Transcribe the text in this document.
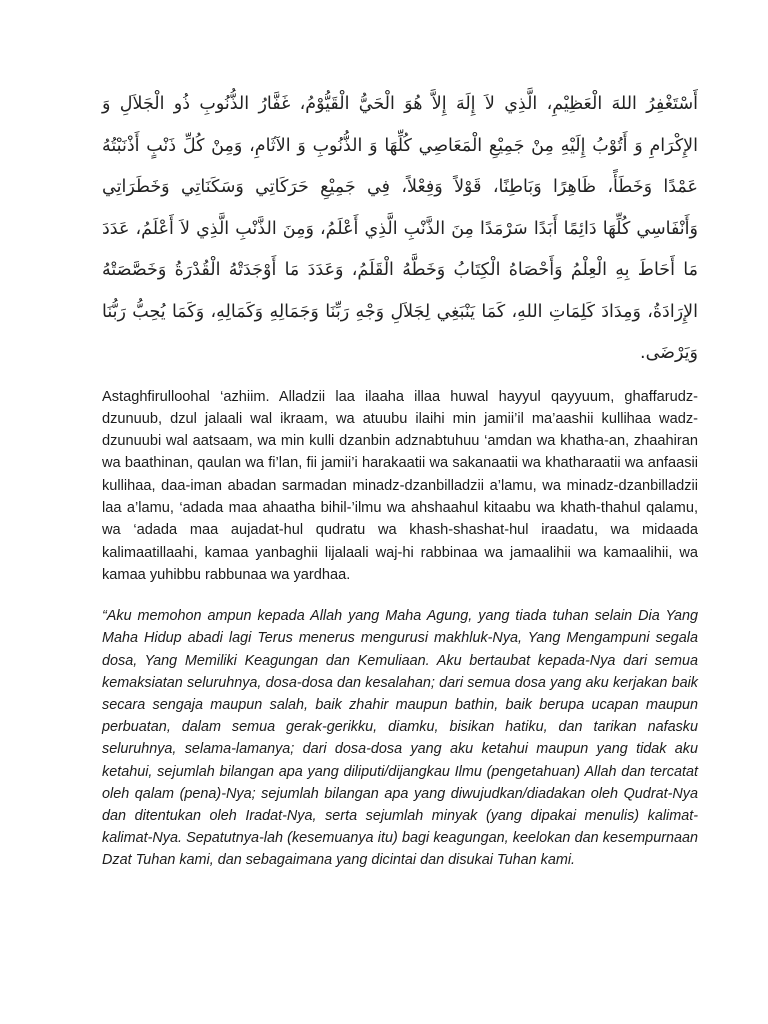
أَسْتَغْفِرُ اللهَ الْعَظِيْمِ، الَّذِي لاَ إِلَهَ إِلاَّ هُوَ الْحَيُّ الْقَيُّوْمُ، غَفَّارُ الذُّنُوبِ ذُو الْجَلاَلِ وَ الإِكْرَامِ وَ أَتُوْبُ إِلَيْهِ مِنْ جَمِيْعِ الْمَعَاصِي كُلِّهَا وَ الذُّنُوبِ وَ الآثَامِ، وَمِنْ كُلِّ ذَنْبٍ أَذْنَبْتُهُ عَمْدًا وَخَطَأً، ظَاهِرًا وَبَاطِنًا، قَوْلاً وَفِعْلاً، فِي جَمِيْعِ حَرَكَاتِي وَسَكَنَاتِي وَخَطَرَاتِي وَأَنْفَاسِي كُلِّهَا دَائِمًا أَبَدًا سَرْمَدًا مِنَ الذَّنْبِ الَّذِي أَعْلَمُ، وَمِنَ الذَّنْبِ الَّذِي لاَ أَعْلَمُ، عَدَدَ مَا أَحَاطَ بِهِ الْعِلْمُ وَأَحْصَاهُ الْكِتَابُ وَخَطَّهُ الْقَلَمُ، وَعَدَدَ مَا أَوْجَدَتْهُ الْقُدْرَةُ وَخَصَّصَتْهُ الإِرَادَةُ، وَمِدَادَ كَلِمَاتِ اللهِ، كَمَا يَنْبَغِي لِجَلاَلِ وَجْهِ رَبِّنَا وَجَمَالِهِ وَكَمَالِهِ، وَكَمَا يُحِبُّ رَبُّنَا وَيَرْضَى.

Astaghfirulloohal ‘azhiim. Alladzii laa ilaaha illaa huwal hayyul qayyuum, ghaffarudz-dzunuub, dzul jalaali wal ikraam, wa atuubu ilaihi min jamii’il ma’aashii kullihaa wadz-dzunuubi wal aatsaam, wa min kulli dzanbin adznabtuhuu ‘amdan wa khatha-an, zhaahiran wa baathinan, qaulan wa fi’lan, fii jamii’i harakaatii wa sakanaatii wa khatharaatii wa anfaasii kullihaa, daa-iman abadan sarmadan minadz-dzanbilladzii a’lamu, wa minadz-dzanbilladzii laa a’lamu, ‘adada maa ahaatha bihil-’ilmu wa ahshaahul kitaabu wa khath-thahul qalamu, wa ‘adada maa aujadat-hul qudratu wa khash-shashat-hul iraadatu, wa midaada kalimaatillaahi, kamaa yanbaghii lijalaali waj-hi rabbinaa wa jamaalihii wa kamaalihii, wa kamaa yuhibbu rabbunaa wa yardhaa.

“Aku memohon ampun kepada Allah yang Maha Agung, yang tiada tuhan selain Dia Yang Maha Hidup abadi lagi Terus menerus mengurusi makhluk-Nya, Yang Mengampuni segala dosa, Yang Memiliki Keagungan dan Kemuliaan. Aku bertaubat kepada-Nya dari semua kemaksiatan seluruhnya, dosa-dosa dan kesalahan; dari semua dosa yang aku kerjakan baik secara sengaja maupun salah, baik zhahir maupun bathin, baik berupa ucapan maupun perbuatan, dalam semua gerak-gerikku, diamku, bisikan hatiku, dan tarikan nafasku seluruhnya, selama-lamanya; dari dosa-dosa yang aku ketahui maupun yang tidak aku ketahui, sejumlah bilangan apa yang diliputi/dijangkau Ilmu (pengetahuan) Allah dan tercatat oleh qalam (pena)-Nya; sejumlah bilangan apa yang diwujudkan/diadakan oleh Qudrat-Nya dan ditentukan oleh Iradat-Nya, serta sejumlah minyak (yang dipakai menulis) kalimat-kalimat-Nya. Sepatutnya-lah (kesemuanya itu) bagi keagungan, keelokan dan kesempurnaan Dzat Tuhan kami, dan sebagaimana yang dicintai dan disukai Tuhan kami.
